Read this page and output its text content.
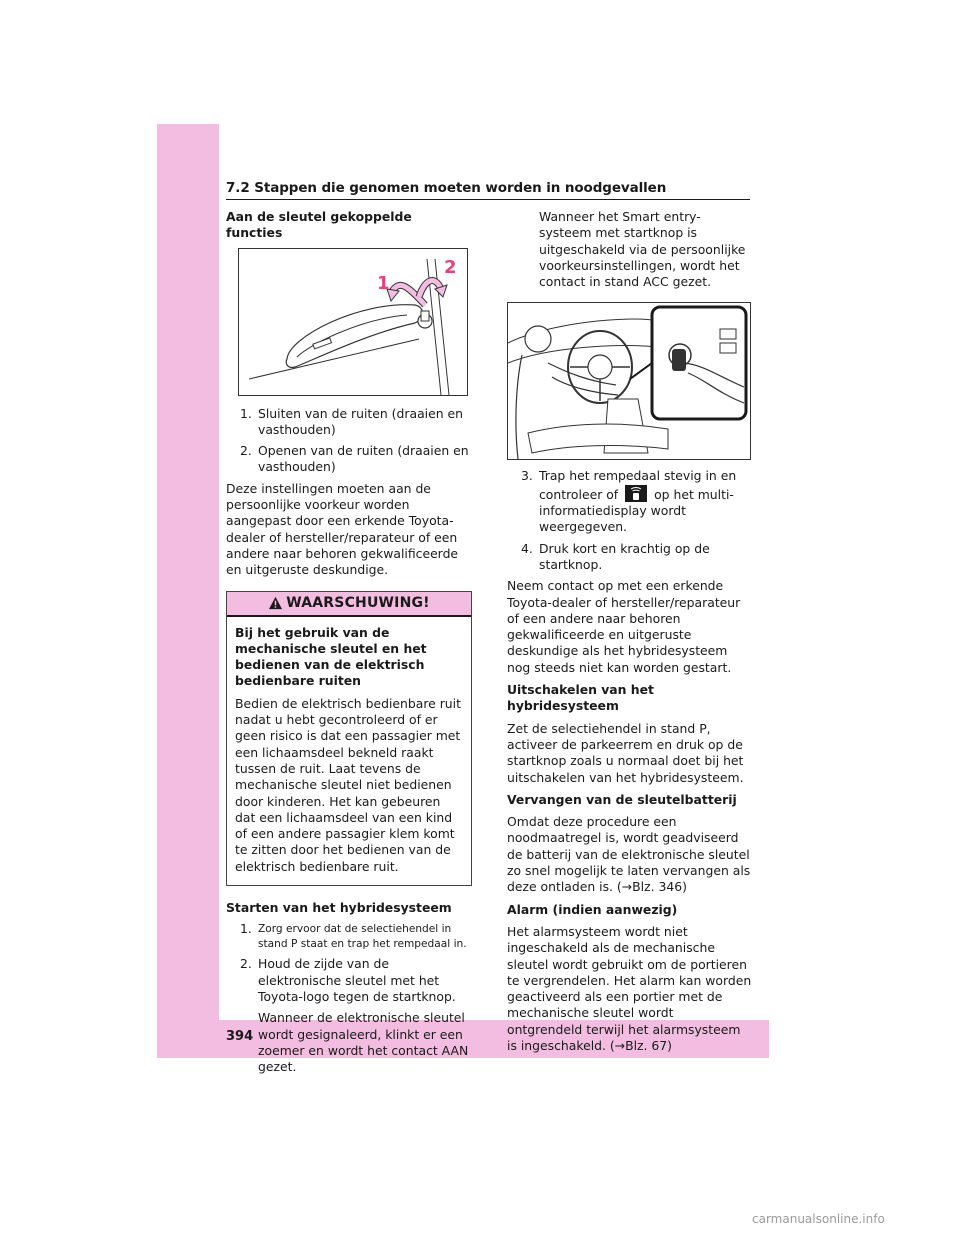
7.2 Stappen die genomen moeten worden in noodgevallen

Aan de sleutel gekoppelde functies

1
2
1. Sluiten van de ruiten (draaien en vasthouden)
2. Openen van de ruiten (draaien en vasthouden)

Deze instellingen moeten aan de persoonlijke voorkeur worden aangepast door een erkende Toyota-dealer of hersteller/reparateur of een andere naar behoren gekwalificeerde en uitgeruste deskundige.

WAARSCHUWING!

Bij het gebruik van de mechanische sleutel en het bedienen van de elektrisch bedienbare ruiten

Bedien de elektrisch bedienbare ruit nadat u hebt gecontroleerd of er geen risico is dat een passagier met een lichaamsdeel bekneld raakt tussen de ruit. Laat tevens de mechanische sleutel niet bedienen door kinderen. Het kan gebeuren dat een lichaamsdeel van een kind of een andere passagier klem komt te zitten door het bedienen van de elektrisch bedienbare ruit.

Starten van het hybridesysteem

1. Zorg ervoor dat de selectiehendel in stand P staat en trap het rempedaal in.
2. Houd de zijde van de elektronische sleutel met het Toyota-logo tegen de startknop.

Wanneer de elektronische sleutel wordt gesignaleerd, klinkt er een zoemer en wordt het contact AAN gezet.

Wanneer het Smart entry-systeem met startknop is uitgeschakeld via de persoonlijke voorkeursinstellingen, wordt het contact in stand ACC gezet.

3. Trap het rempedaal stevig in en controleer of	op het multi-informatiedisplay wordt weergegeven.
4. Druk kort en krachtig op de startknop.

Neem contact op met een erkende Toyota-dealer of hersteller/reparateur of een andere naar behoren gekwalificeerde en uitgeruste deskundige als het hybridesysteem nog steeds niet kan worden gestart.

Uitschakelen van het hybridesysteem

Zet de selectiehendel in stand P, activeer de parkeerrem en druk op de startknop zoals u normaal doet bij het uitschakelen van het hybridesysteem.

Vervangen van de sleutelbatterij

Omdat deze procedure een noodmaatregel is, wordt geadviseerd de batterij van de elektronische sleutel zo snel mogelijk te laten vervangen als deze ontladen is. (→Blz. 346)

Alarm (indien aanwezig)

Het alarmsysteem wordt niet ingeschakeld als de mechanische sleutel wordt gebruikt om de portieren te vergrendelen. Het alarm kan worden geactiveerd als een portier met de mechanische sleutel wordt ontgrendeld terwijl het alarmsysteem is ingeschakeld. (→Blz. 67)

394
carmanualsonline.info
